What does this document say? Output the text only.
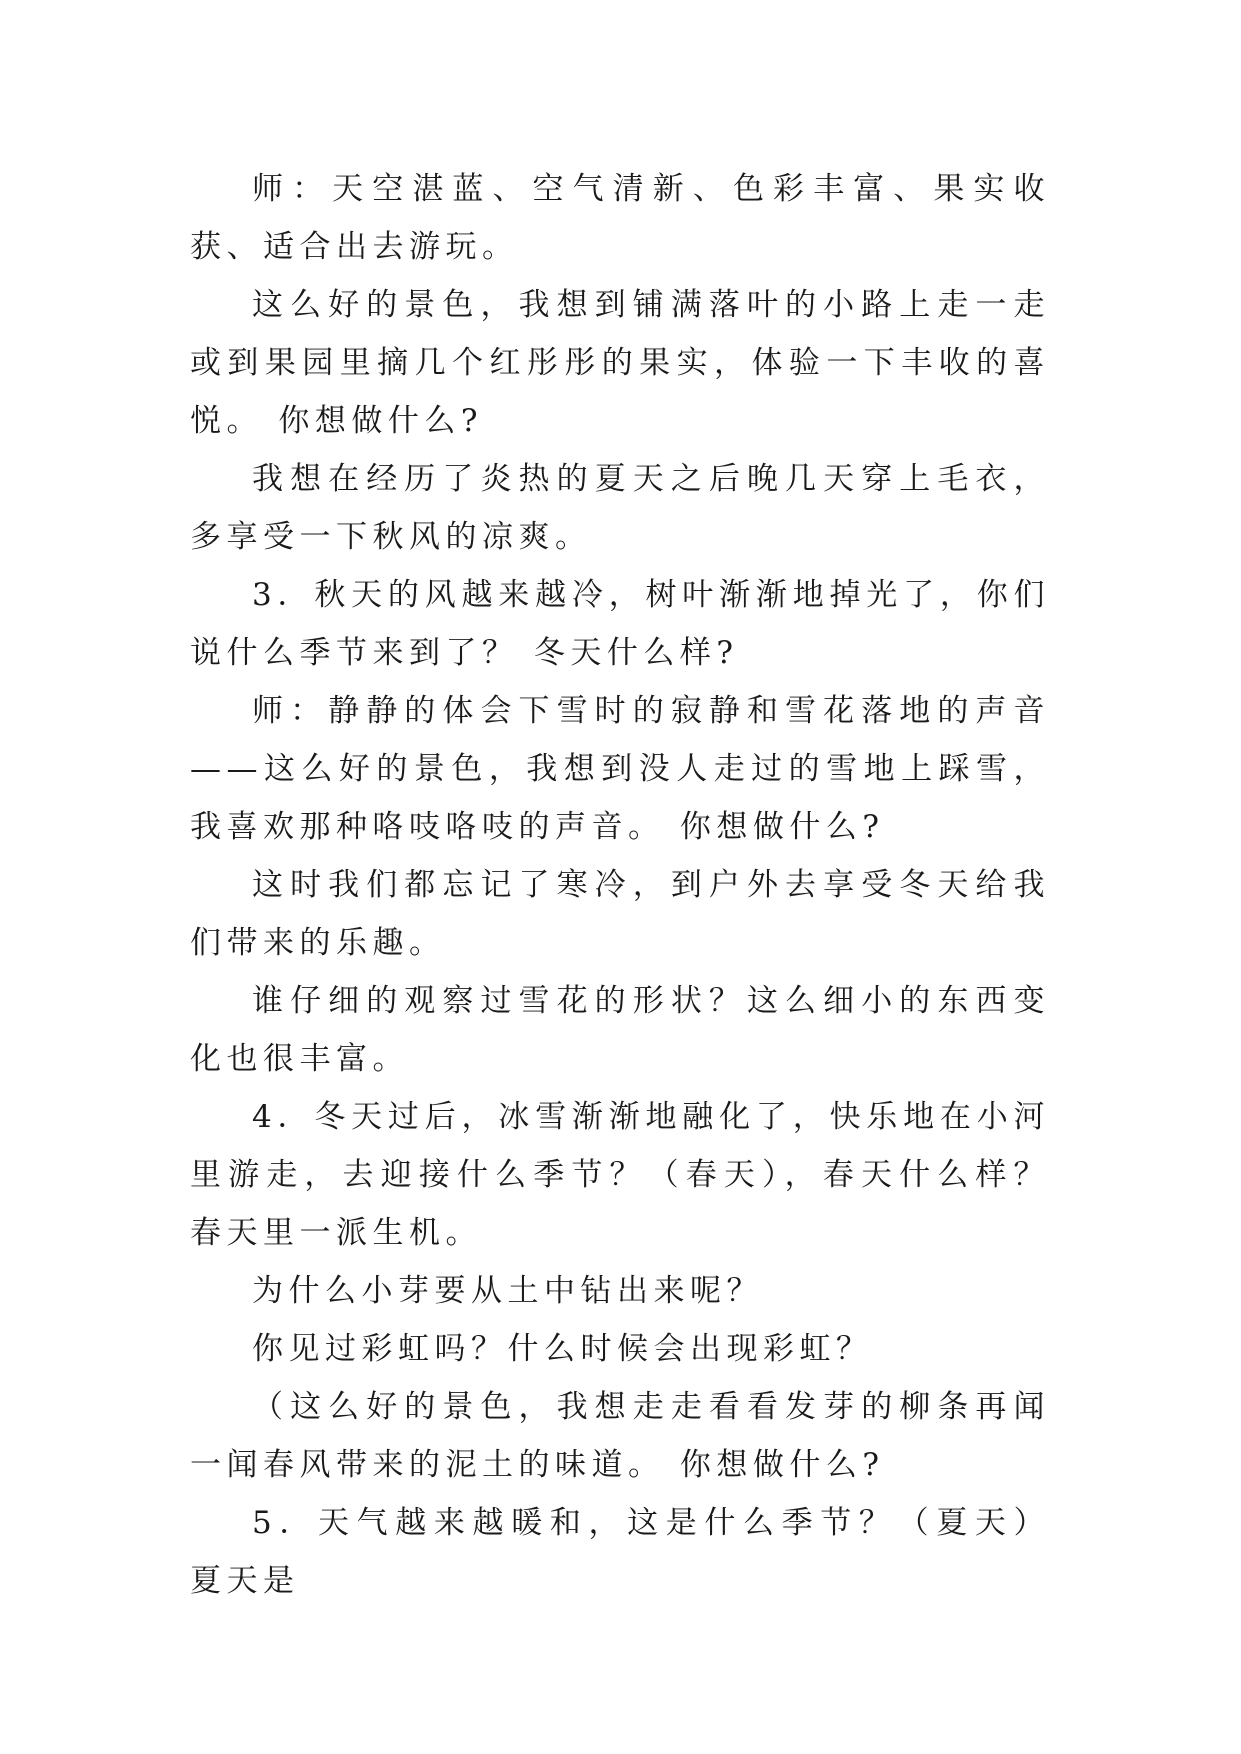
师：天空湛蓝、空气清新、色彩丰富、果实收获、适合出去游玩。

这么好的景色，我想到铺满落叶的小路上走一走或到果园里摘几个红彤彤的果实，体验一下丰收的喜悦。 你想做什么?

我想在经历了炎热的夏天之后晚几天穿上毛衣，多享受一下秋风的凉爽。

3．秋天的风越来越冷，树叶渐渐地掉光了，你们说什么季节来到了？ 冬天什么样?

师：静静的体会下雪时的寂静和雪花落地的声音——这么好的景色，我想到没人走过的雪地上踩雪，我喜欢那种咯吱咯吱的声音。 你想做什么?

这时我们都忘记了寒冷，到户外去享受冬天给我们带来的乐趣。

谁仔细的观察过雪花的形状？这么细小的东西变化也很丰富。

4．冬天过后，冰雪渐渐地融化了，快乐地在小河里游走，去迎接什么季节？（春天），春天什么样？春天里一派生机。

为什么小芽要从土中钻出来呢？

你见过彩虹吗？什么时候会出现彩虹？

（这么好的景色，我想走走看看发芽的柳条再闻一闻春风带来的泥土的味道。 你想做什么?

5．天气越来越暖和，这是什么季节？（夏天） 夏天是
